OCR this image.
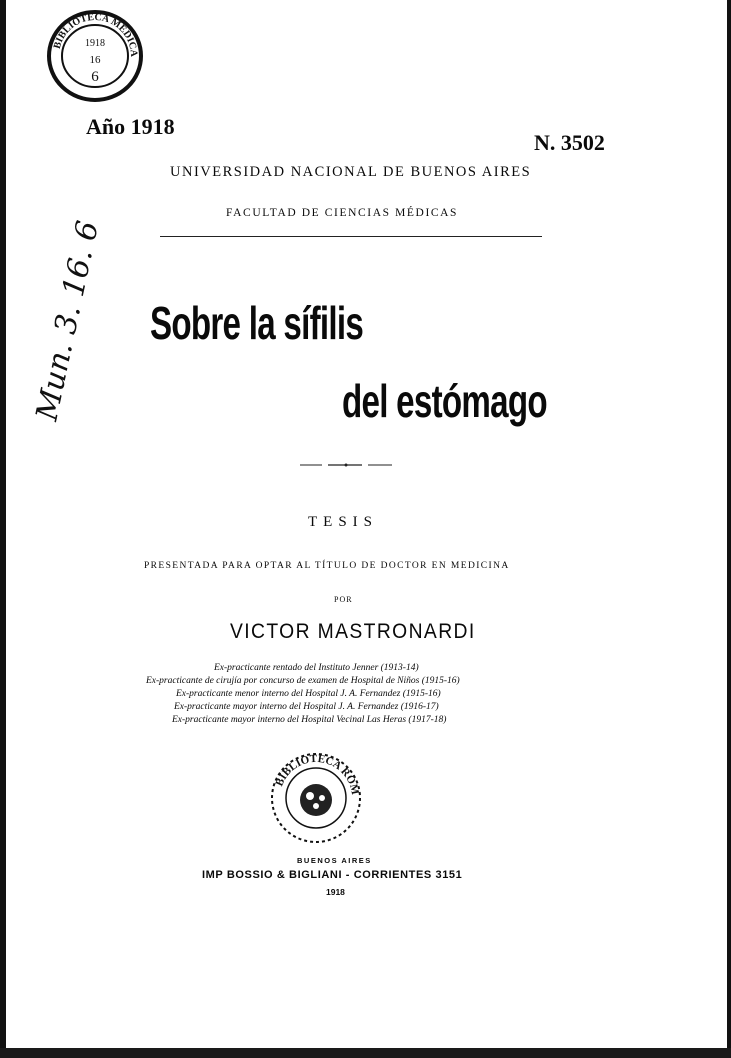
BIBLIOTECA MEDICA
1918
16
6
Mun. 3. 16. 6
Año 1918
N. 3502
UNIVERSIDAD NACIONAL DE BUENOS AIRES
FACULTAD DE CIENCIAS MÉDICAS
Sobre la sífilis
del estómago
TESIS
PRESENTADA PARA OPTAR AL TÍTULO DE DOCTOR EN MEDICINA
POR
VICTOR MASTRONARDI
Ex-practicante rentado del Instituto Jenner (1913-14)
Ex-practicante de cirujía por concurso de examen de Hospital de Niños (1915-16)
Ex-practicante menor interno del Hospital J. A. Fernandez (1915-16)
Ex-practicante mayor interno del Hospital J. A. Fernandez (1916-17)
Ex-practicante mayor interno del Hospital Vecinal Las Heras (1917-18)
BIBLIOTECA ROM
BUENOS AIRES
IMP BOSSIO & BIGLIANI - CORRIENTES 3151
1918
